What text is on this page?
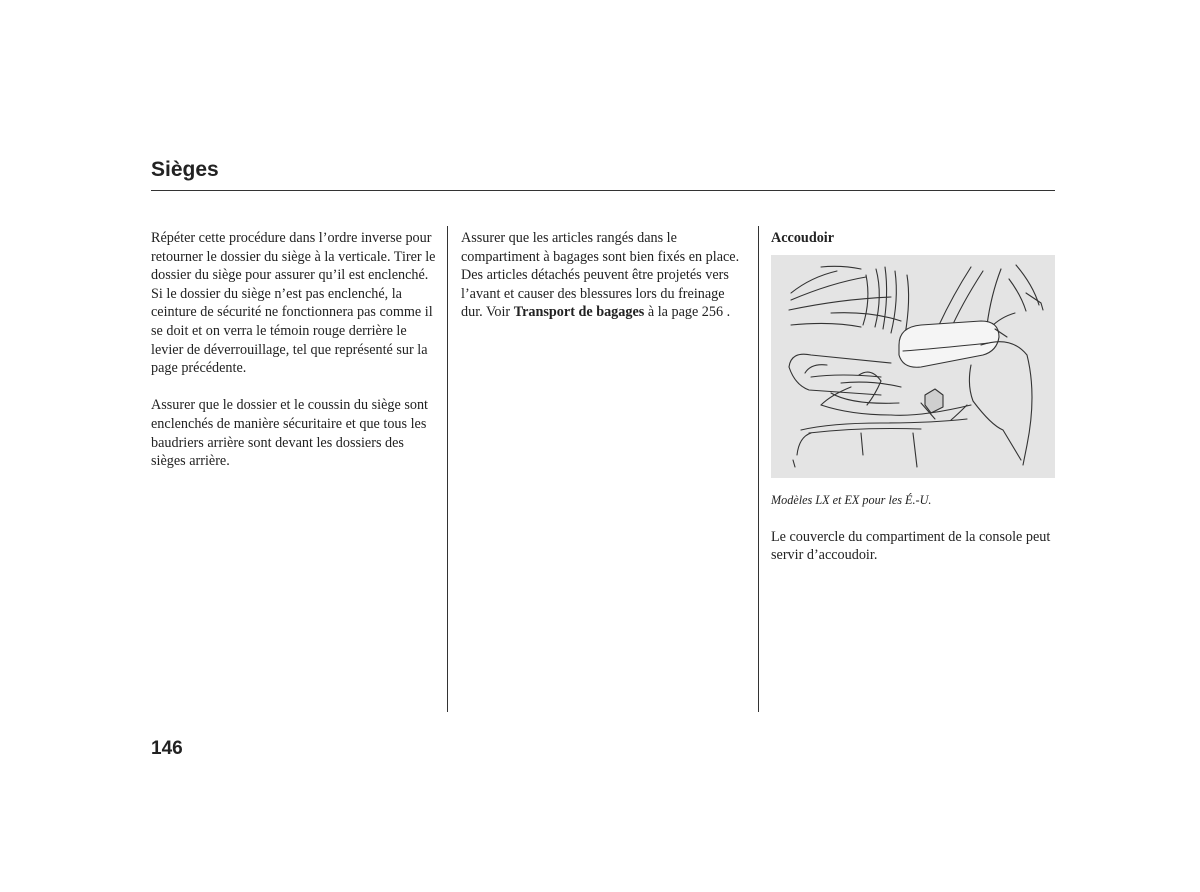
Sièges

Répéter cette procédure dans l’ordre inverse pour retourner le dossier du siège à la verticale. Tirer le dossier du siège pour assurer qu’il est enclenché. Si le dossier du siège n’est pas enclenché, la ceinture de sécurité ne fonctionnera pas comme il se doit et on verra le témoin rouge derrière le levier de déverrouillage, tel que représenté sur la page précédente.

Assurer que le dossier et le coussin du siège sont enclenchés de manière sécuritaire et que tous les baudriers arrière sont devant les dossiers des sièges arrière.

Assurer que les articles rangés dans le compartiment à bagages sont bien fixés en place. Des articles détachés peuvent être projetés vers l’avant et causer des blessures lors du freinage dur. Voir Transport de bagages à la page 256 .

Accoudoir

Modèles LX et EX pour les É.-U.

Le couvercle du compartiment de la console peut servir d’accoudoir.

146
